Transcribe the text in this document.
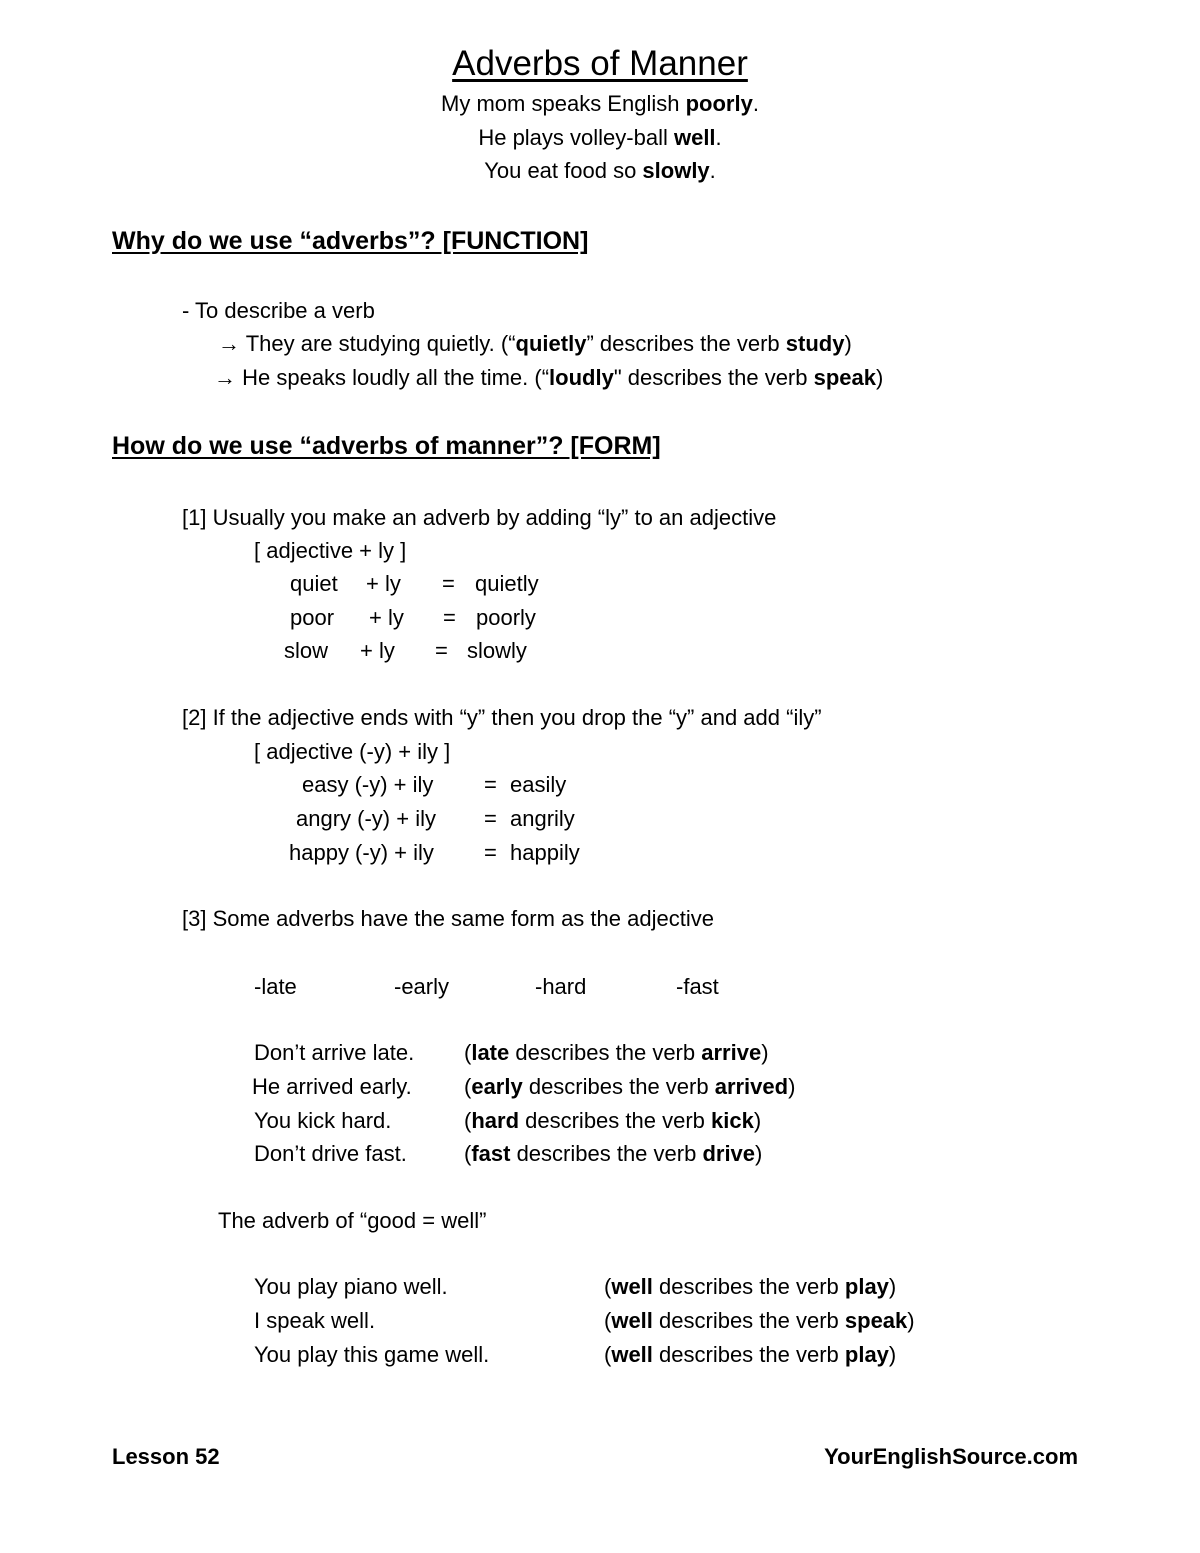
Adverbs of Manner
My mom speaks English poorly.
He plays volley-ball well.
You eat food so slowly.
Why do we use “adverbs”? [FUNCTION]
- To describe a verb
→ They are studying quietly. (“quietly” describes the verb study)
→ He speaks loudly all the time. (“loudly" describes the verb speak)
How do we use “adverbs of manner”? [FORM]
[1] Usually you make an adverb by adding “ly” to an adjective
[ adjective + ly ]
quiet + ly = quietly
poor + ly = poorly
slow + ly = slowly
[2] If the adjective ends with “y” then you drop the “y” and add “ily”
[ adjective (-y) + ily ]
easy (-y) + ily = easily
angry (-y) + ily = angrily
happy (-y) + ily = happily
[3] Some adverbs have the same form as the adjective
-late	-early	-hard	-fast
Don’t arrive late. (late describes the verb arrive)
He arrived early. (early describes the verb arrived)
You kick hard.	(hard describes the verb kick)
Don’t drive fast.	(fast describes the verb drive)
The adverb of “good = well”
You play piano well.	(well describes the verb play)
I speak well.	(well describes the verb speak)
You play this game well.	(well describes the verb play)
Lesson 52	YourEnglishSource.com
